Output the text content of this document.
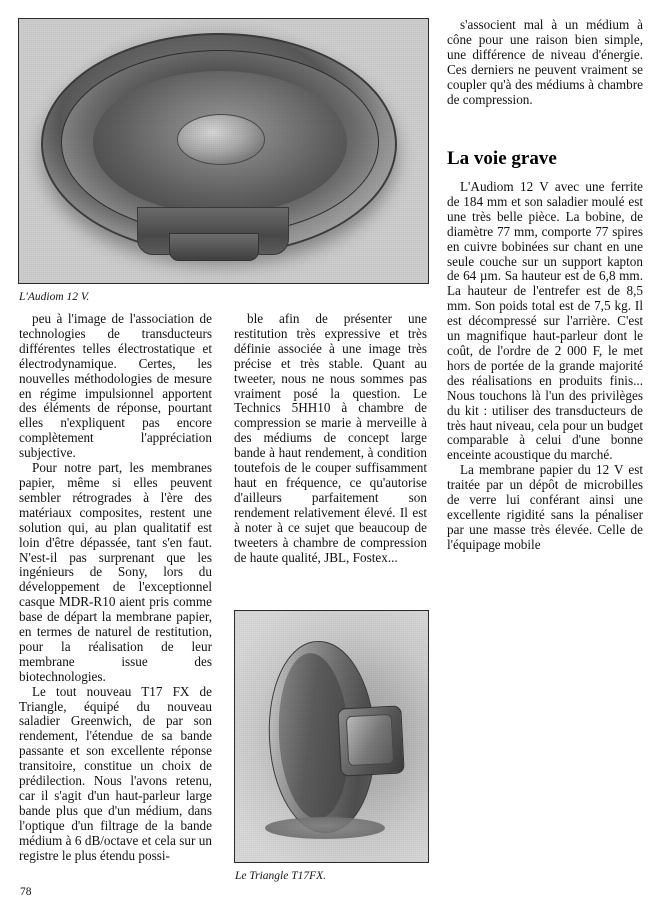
L'Audiom 12 V.

peu à l'image de l'association de technologies de transducteurs différentes telles électrostatique et électrodynamique. Certes, les nouvelles méthodologies de mesure en régime impulsionnel apportent des éléments de réponse, pourtant elles n'expliquent pas encore complètement l'appréciation subjective.

Pour notre part, les membranes papier, même si elles peuvent sembler rétrogrades à l'ère des matériaux composites, restent une solution qui, au plan qualitatif est loin d'être dépassée, tant s'en faut. N'est-il pas surprenant que les ingénieurs de Sony, lors du développement de l'exceptionnel casque MDR-R10 aient pris comme base de départ la membrane papier, en termes de naturel de restitution, pour la réalisation de leur membrane issue des biotechnologies.

Le tout nouveau T17 FX de Triangle, équipé du nouveau saladier Greenwich, de par son rendement, l'étendue de sa bande passante et son excellente réponse transitoire, constitue un choix de prédilection. Nous l'avons retenu, car il s'agit d'un haut-parleur large bande plus que d'un médium, dans l'optique d'un filtrage de la bande médium à 6 dB/octave et cela sur un registre le plus étendu possi-

ble afin de présenter une restitution très expressive et très définie associée à une image très précise et très stable. Quant au tweeter, nous ne nous sommes pas vraiment posé la question. Le Technics 5HH10 à chambre de compression se marie à merveille à des médiums de concept large bande à haut rendement, à condition toutefois de le couper suffisamment haut en fréquence, ce qu'autorise d'ailleurs parfaitement son rendement relativement élevé. Il est à noter à ce sujet que beaucoup de tweeters à chambre de compression de haute qualité, JBL, Fostex...

s'associent mal à un médium à cône pour une raison bien simple, une différence de niveau d'énergie. Ces derniers ne peuvent vraiment se coupler qu'à des médiums à chambre de compression.

La voie grave

L'Audiom 12 V avec une ferrite de 184 mm et son saladier moulé est une très belle pièce. La bobine, de diamètre 77 mm, comporte 77 spires en cuivre bobinées sur chant en une seule couche sur un support kapton de 64 µm. Sa hauteur est de 6,8 mm. La hauteur de l'entrefer est de 8,5 mm. Son poids total est de 7,5 kg. Il est décompressé sur l'arrière. C'est un magnifique haut-parleur dont le coût, de l'ordre de 2 000 F, le met hors de portée de la grande majorité des réalisations en produits finis... Nous touchons là l'un des privilèges du kit : utiliser des transducteurs de très haut niveau, cela pour un budget comparable à celui d'une bonne enceinte acoustique du marché.

La membrane papier du 12 V est traitée par un dépôt de microbilles de verre lui conférant ainsi une excellente rigidité sans la pénaliser par une masse très élevée. Celle de l'équipage mobile

Le Triangle T17FX.
78
